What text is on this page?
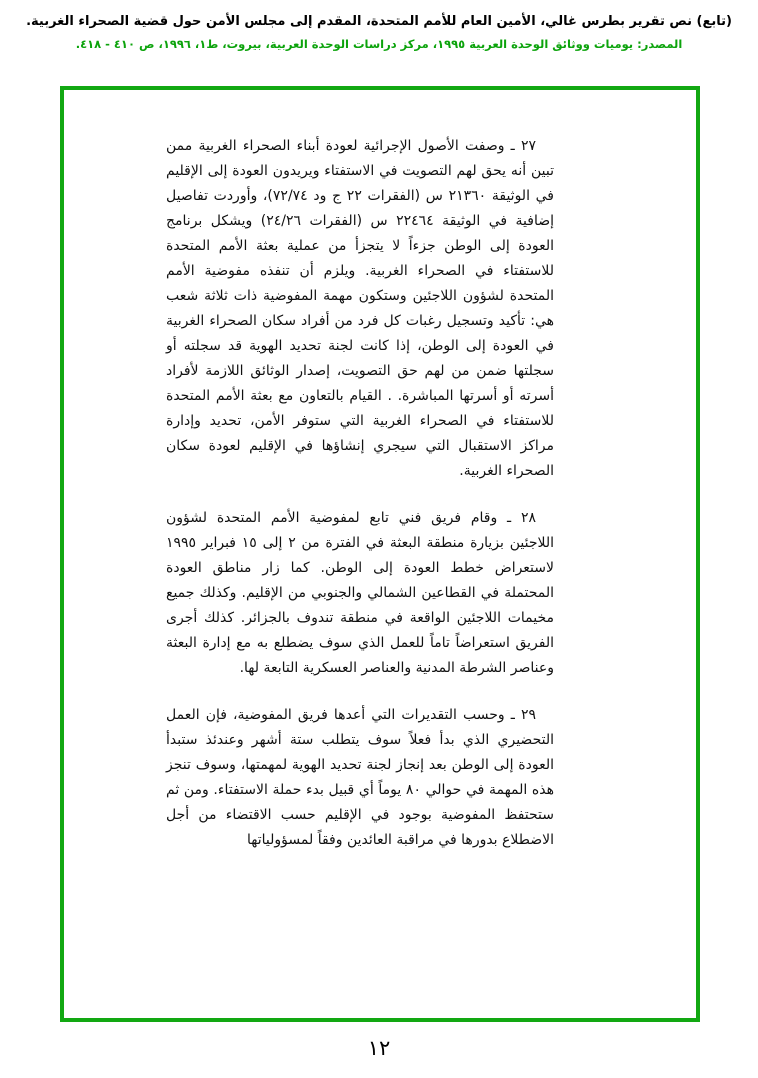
(تابع) نص تقرير بطرس غالي، الأمين العام للأمم المتحدة، المقدم إلى مجلس الأمن حول قضية الصحراء الغربية.
المصدر: يوميات ووثائق الوحدة العربية ١٩٩٥، مركز دراسات الوحدة العربية، بيروت، ط١، ١٩٩٦، ص ٤١٠ - ٤١٨.

٢٧ ـ وصفت الأصول الإجرائية لعودة أبناء الصحراء الغربية ممن تبين أنه يحق لهم التصويت في الاستفتاء ويريدون العودة إلى الإقليم في الوثيقة ٢١٣٦٠ س (الفقرات ٢٢ ج ود ٧٢/٧٤)، وأوردت تفاصيل إضافية في الوثيقة ٢٢٤٦٤ س (الفقرات ٢٤/٢٦) ويشكل برنامج العودة إلى الوطن جزءاً لا يتجزأ من عملية بعثة الأمم المتحدة للاستفتاء في الصحراء الغربية. ويلزم أن تنفذه مفوضية الأمم المتحدة لشؤون اللاجئين وستكون مهمة المفوضية ذات ثلاثة شعب هي: تأكيد وتسجيل رغبات كل فرد من أفراد سكان الصحراء الغربية في العودة إلى الوطن، إذا كانت لجنة تحديد الهوية قد سجلته أو سجلتها ضمن من لهم حق التصويت، إصدار الوثائق اللازمة لأفراد أسرته أو أسرتها المباشرة. . القيام بالتعاون مع بعثة الأمم المتحدة للاستفتاء في الصحراء الغربية التي ستوفر الأمن، تحديد وإدارة مراكز الاستقبال التي سيجري إنشاؤها في الإقليم لعودة سكان الصحراء الغربية.

٢٨ ـ وقام فريق فني تابع لمفوضية الأمم المتحدة لشؤون اللاجئين بزيارة منطقة البعثة في الفترة من ٢ إلى ١٥ فبراير ١٩٩٥ لاستعراض خطط العودة إلى الوطن. كما زار مناطق العودة المحتملة في القطاعين الشمالي والجنوبي من الإقليم. وكذلك جميع مخيمات اللاجئين الواقعة في منطقة تندوف بالجزائر. كذلك أجرى الفريق استعراضاً تاماً للعمل الذي سوف يضطلع به مع إدارة البعثة وعناصر الشرطة المدنية والعناصر العسكرية التابعة لها.

٢٩ ـ وحسب التقديرات التي أعدها فريق المفوضية، فإن العمل التحضيري الذي بدأ فعلاً سوف يتطلب ستة أشهر وعندئذ ستبدأ العودة إلى الوطن بعد إنجاز لجنة تحديد الهوية لمهمتها، وسوف تنجز هذه المهمة في حوالي ٨٠ يوماً أي قبيل بدء حملة الاستفتاء. ومن ثم ستحتفظ المفوضية بوجود في الإقليم حسب الاقتضاء من أجل الاضطلاع بدورها في مراقبة العائدين وفقاً لمسؤولياتها

١٢
